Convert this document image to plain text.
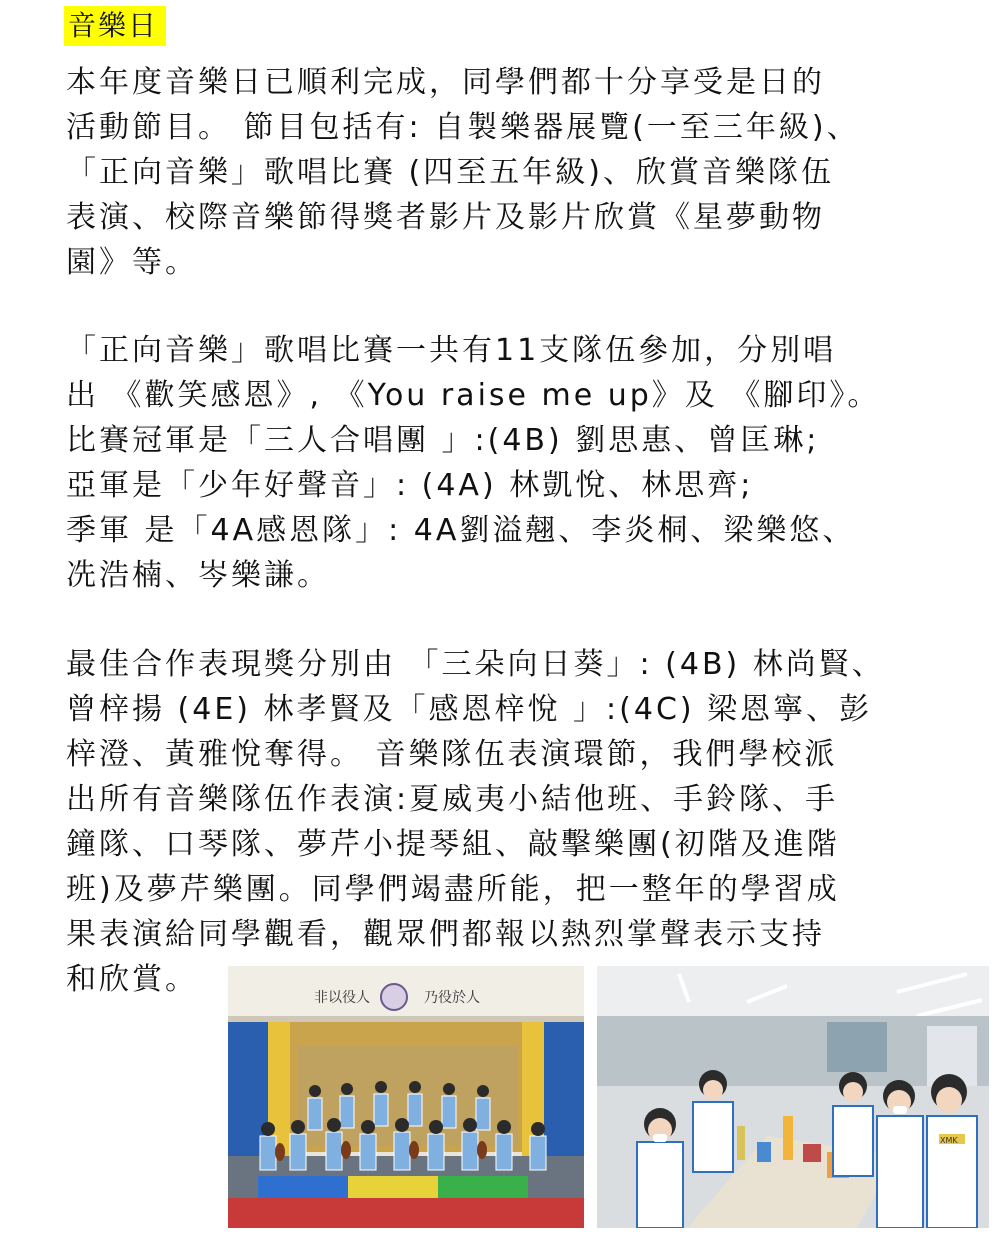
音樂日

本年度音樂日已順利完成，同學們都十分享受是日的
活動節目。 節目包括有: 自製樂器展覽(一至三年級)、
「正向音樂」歌唱比賽 (四至五年級)、欣賞音樂隊伍
表演、校際音樂節得獎者影片及影片欣賞《星夢動物
園》等。

「正向音樂」歌唱比賽一共有11支隊伍參加，分別唱
出 《歡笑感恩》, 《You raise me up》及 《腳印》。
比賽冠軍是「三人合唱團 」:(4B) 劉思惠、曾匡琳;
亞軍是「少年好聲音」: (4A) 林凱悅、林思齊;
季軍 是「4A感恩隊」: 4A劉溢翹、李炎桐、梁樂悠、
冼浩楠、岑樂謙。

最佳合作表現獎分別由 「三朵向日葵」: (4B) 林尚賢、
曾梓揚 (4E) 林孝賢及「感恩梓悅 」:(4C) 梁恩寧、彭
梓澄、黃雅悅奪得。 音樂隊伍表演環節，我們學校派
出所有音樂隊伍作表演:夏威夷小結他班、手鈴隊、手
鐘隊、口琴隊、夢芹小提琴組、敲擊樂團(初階及進階
班)及夢芹樂團。同學們竭盡所能，把一整年的學習成
果表演給同學觀看，觀眾們都報以熱烈掌聲表示支持
和欣賞。

非以役人	乃役於人
XMK
